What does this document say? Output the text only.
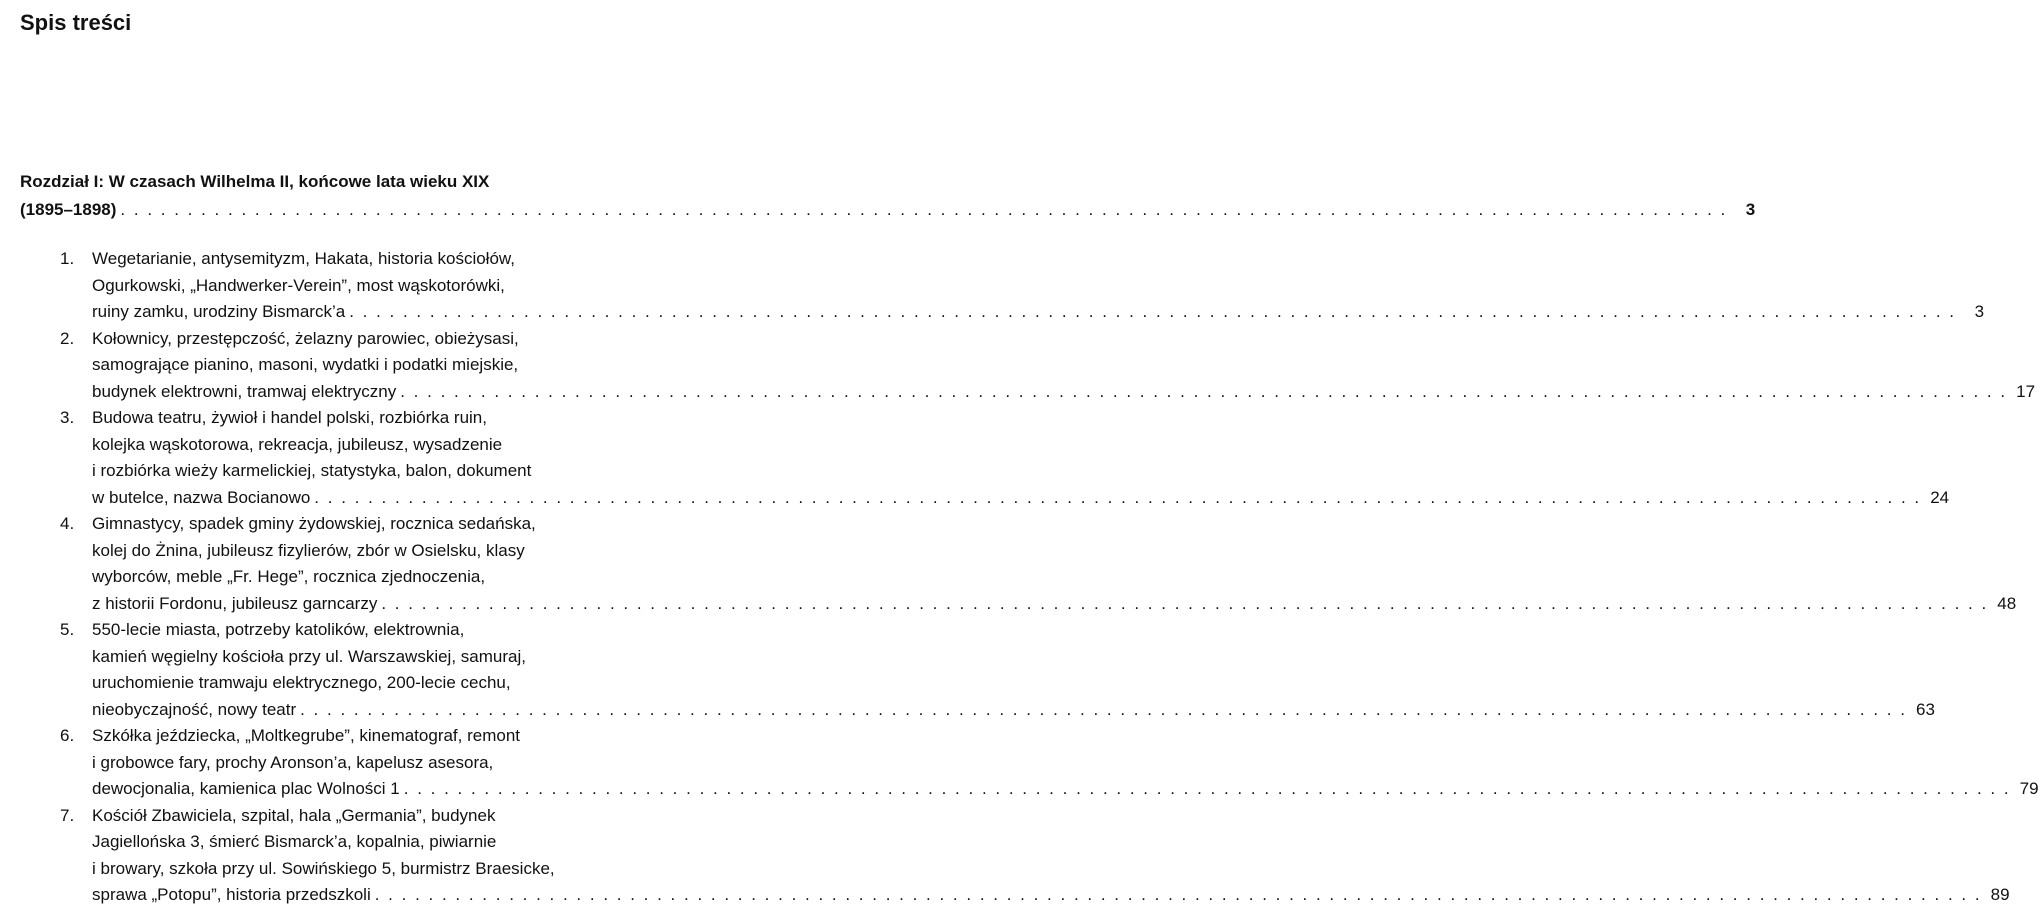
Spis treści
Rozdział I: W czasach Wilhelma II, końcowe lata wieku XIX
(1895–1898) . . . . . . . . . . . . . . . . . . . . . . . . . . . . . . . . . . . . . . . . . . . . . . . . . . . . . . . . . . . . . . . . . . . . . . . . . . . . . . . . . . . . . . . . . . . . . . . . . . . . . . . . . . . . . . . . . . . . . . . .	3
1.	Wegetarianie, antysemityzm, Hakata, historia kościołów,
Ogurkowski, „Handwerker-Verein”, most wąskotorówki,
ruiny zamku, urodziny Bismarck’a . . . . . . . . . . . . . . . . . . . . . . . . . . . . . . . . . . . . . . . . . . . . . . . . . . . . . . . . . . . . . . . . . . . . . . . . . . . . . . . . . . . . . . . . . . . . . . . . . . . . . . . . . . . . . . . . . . . . . . . .	3
2.	Kołownicy, przestępczość, żelazny parowiec, obieżysasi,
samogrające pianino, masoni, wydatki i podatki miejskie,
budynek elektrowni, tramwaj elektryczny . . . . . . . . . . . . . . . . . . . . . . . . . . . . . . . . . . . . . . . . . . . . . . . . . . . . . . . . . . . . . . . . . . . . . . . . . . . . . . . . . . . . . . . . . . . . . . . . . . . . . . . . . . . . . . . . . . . . . . . . 17
3.	Budowa teatru, żywioł i handel polski, rozbiórka ruin,
kolejka wąskotorowa, rekreacja, jubileusz, wysadzenie
i rozbiórka wieży karmelickiej, statystyka, balon, dokument
w butelce, nazwa Bocianowo . . . . . . . . . . . . . . . . . . . . . . . . . . . . . . . . . . . . . . . . . . . . . . . . . . . . . . . . . . . . . . . . . . . . . . . . . . . . . . . . . . . . . . . . . . . . . . . . . . . . . . . . . . . . . . . . . . . . . . . . 24
4.	Gimnastycy, spadek gminy żydowskiej, rocznica sedańska,
kolej do Żnina, jubileusz fizylierów, zbór w Osielsku, klasy
wyborców, meble „Fr. Hege”, rocznica zjednoczenia,
z historii Fordonu, jubileusz garncarzy . . . . . . . . . . . . . . . . . . . . . . . . . . . . . . . . . . . . . . . . . . . . . . . . . . . . . . . . . . . . . . . . . . . . . . . . . . . . . . . . . . . . . . . . . . . . . . . . . . . . . . . . . . . . . . . . . . . . . . . . 48
5.	550-lecie miasta, potrzeby katolików, elektrownia,
kamień węgielny kościoła przy ul. Warszawskiej, samuraj,
uruchomienie tramwaju elektrycznego, 200-lecie cechu,
nieobyczajność, nowy teatr . . . . . . . . . . . . . . . . . . . . . . . . . . . . . . . . . . . . . . . . . . . . . . . . . . . . . . . . . . . . . . . . . . . . . . . . . . . . . . . . . . . . . . . . . . . . . . . . . . . . . . . . . . . . . . . . . . . . . . . . 63
6.	Szkółka jeździecka, „Moltkegrube”, kinematograf, remont
i grobowce fary, prochy Aronson’a, kapelusz asesora,
dewocjonalia, kamienica plac Wolności 1 . . . . . . . . . . . . . . . . . . . . . . . . . . . . . . . . . . . . . . . . . . . . . . . . . . . . . . . . . . . . . . . . . . . . . . . . . . . . . . . . . . . . . . . . . . . . . . . . . . . . . . . . . . . . . . . . . . . . . . . . 79
7.	Kościół Zbawiciela, szpital, hala „Germania”, budynek
Jagiellońska 3, śmierć Bismarck’a, kopalnia, piwiarnie
i browary, szkoła przy ul. Sowińskiego 5, burmistrz Braesicke,
sprawa „Potopu”, historia przedszkoli . . . . . . . . . . . . . . . . . . . . . . . . . . . . . . . . . . . . . . . . . . . . . . . . . . . . . . . . . . . . . . . . . . . . . . . . . . . . . . . . . . . . . . . . . . . . . . . . . . . . . . . . . . . . . . . . . . . . . . . . 89
